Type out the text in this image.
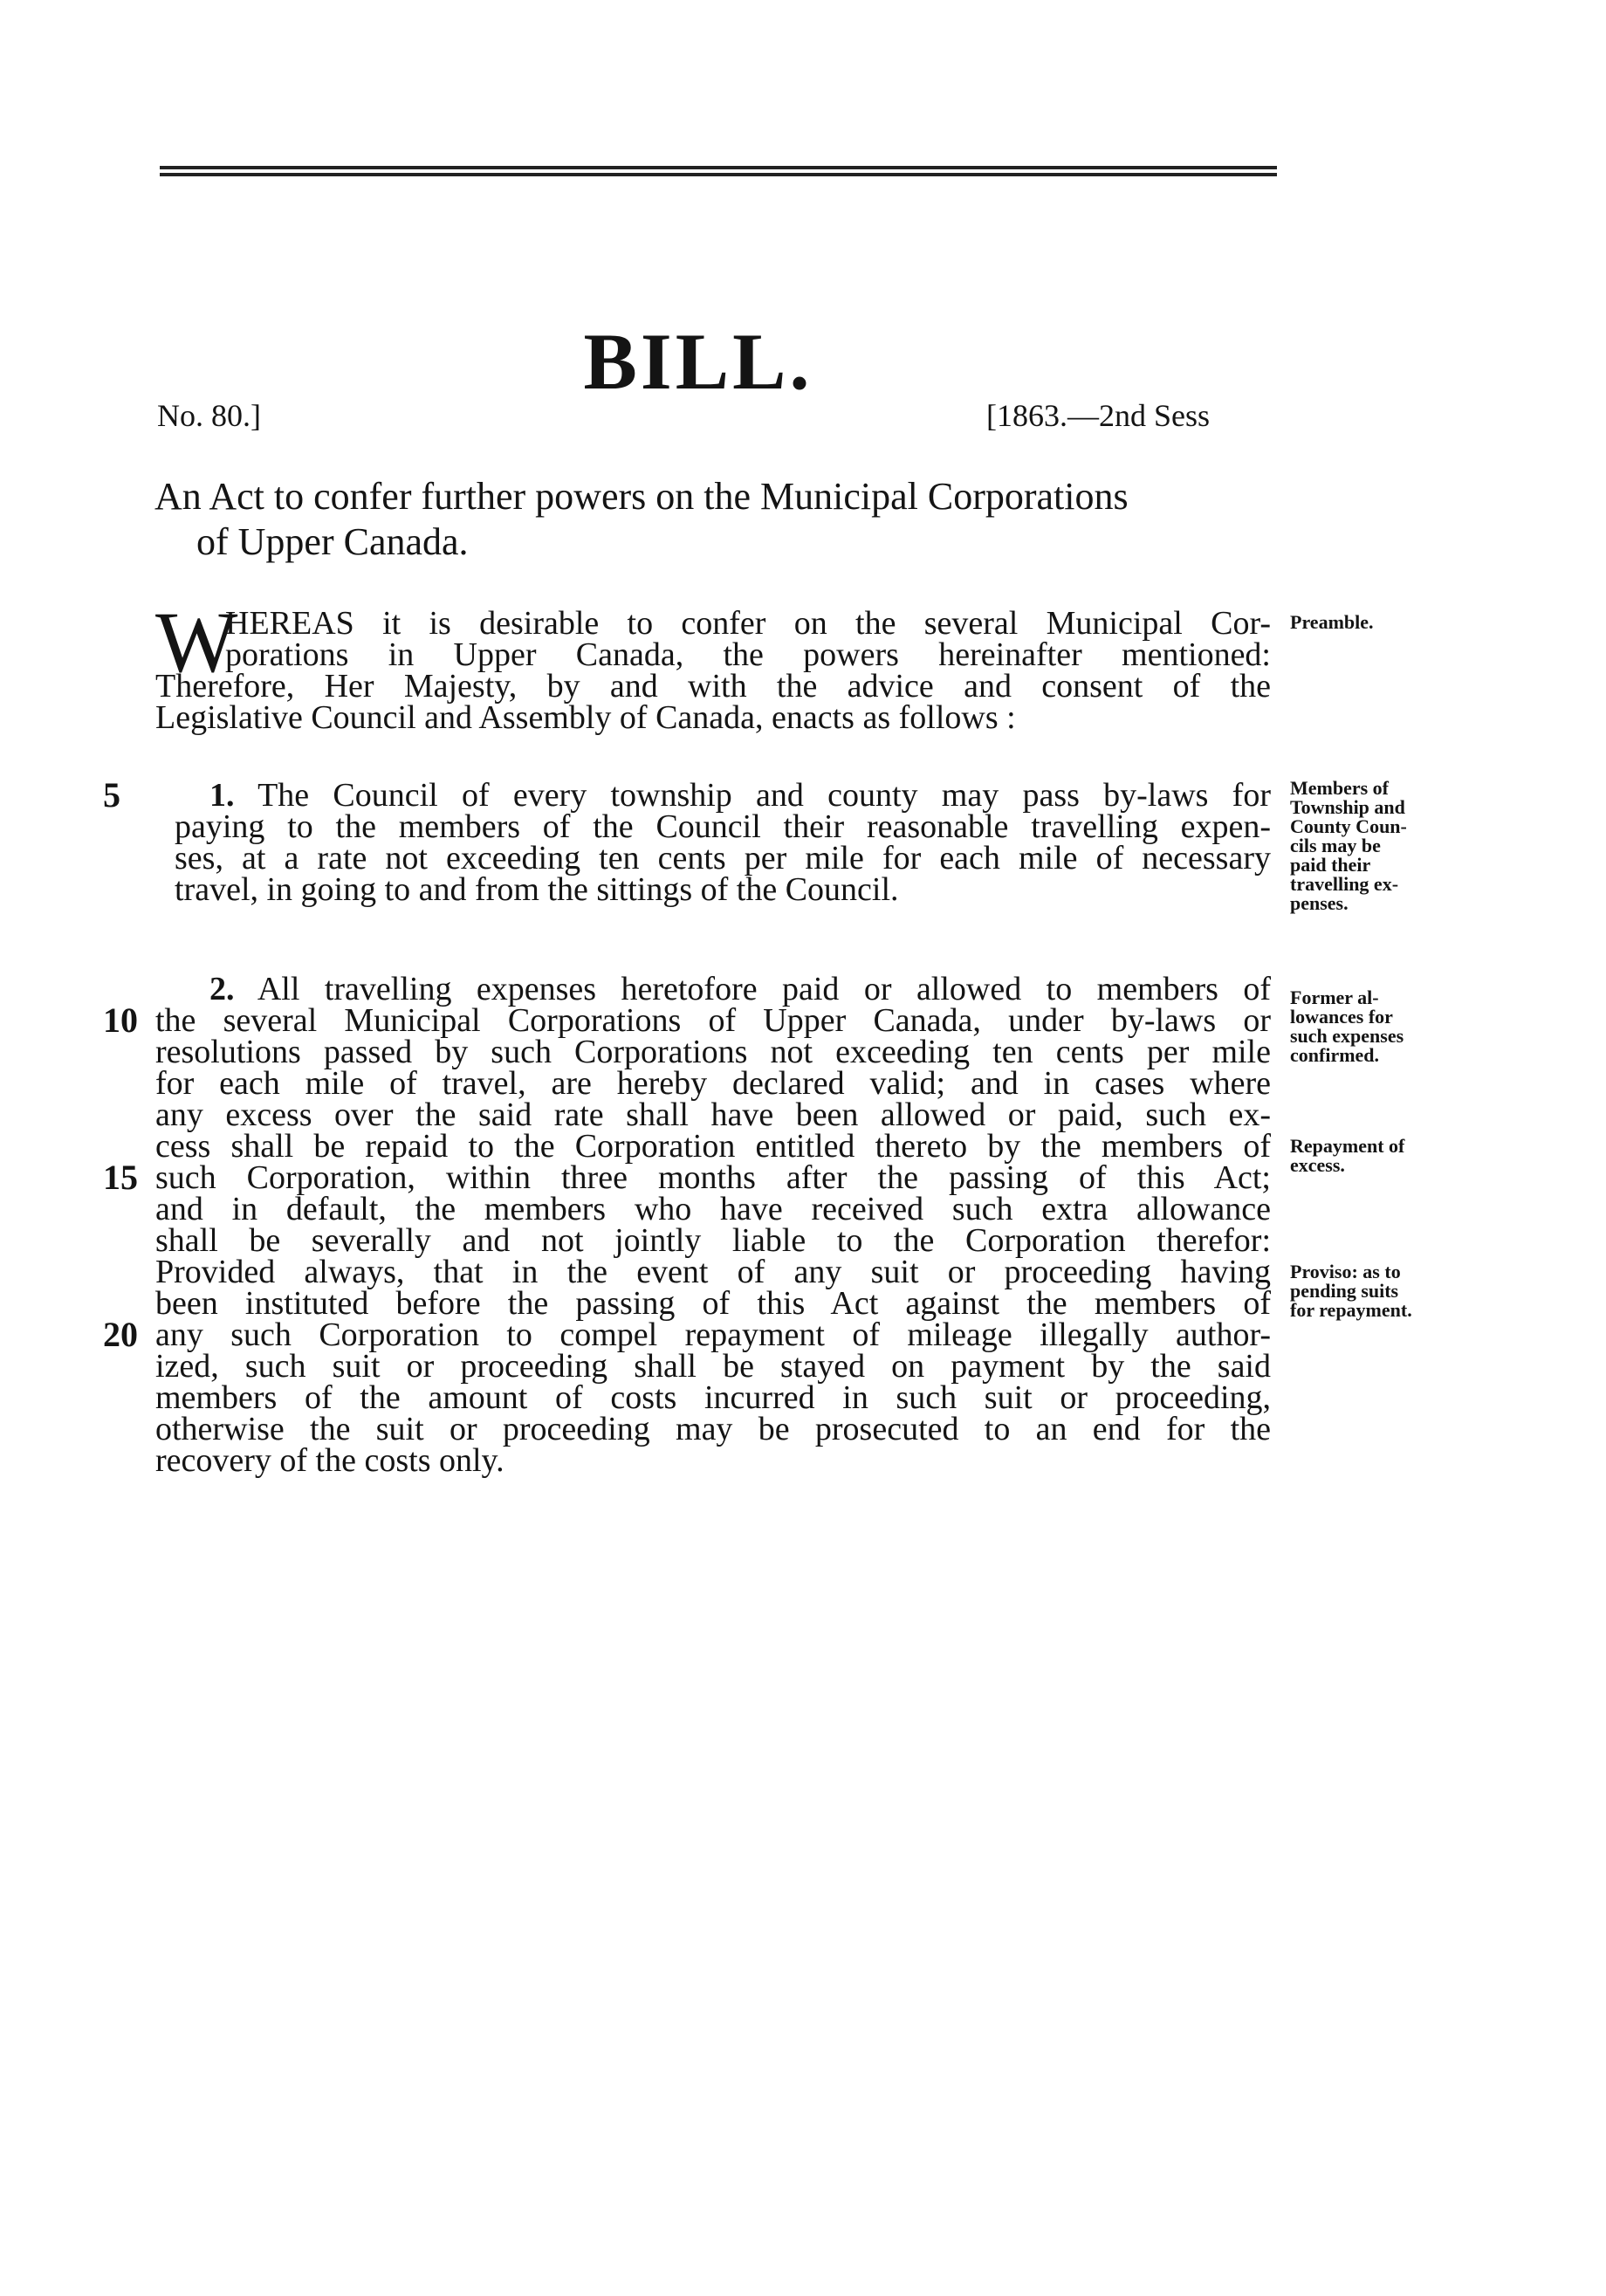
BILL.
No. 80.]	[1863.—2nd Sess
An Act to confer further powers on the Municipal Corporations
of Upper Canada.
W
HEREAS it is desirable to confer on the several Municipal Cor-
porations in Upper Canada, the powers hereinafter mentioned:
Therefore, Her Majesty, by and with the advice and consent of the
Legislative Council and Assembly of Canada, enacts as follows :
5	1. The Council of every township and county may pass by-laws for
paying to the members of the Council their reasonable travelling expen-
ses, at a rate not exceeding ten cents per mile for each mile of necessary
travel, in going to and from the sittings of the Council.
2. All travelling expenses heretofore paid or allowed to members of
10 the several Municipal Corporations of Upper Canada, under by-laws or
resolutions passed by such Corporations not exceeding ten cents per mile
for each mile of travel, are hereby declared valid; and in cases where
any excess over the said rate shall have been allowed or paid, such ex-
cess shall be repaid to the Corporation entitled thereto by the members of
15 such Corporation, within three months after the passing of this Act;
and in default, the members who have received such extra allowance
shall be severally and not jointly liable to the Corporation therefor:
Provided always, that in the event of any suit or proceeding having
been instituted before the passing of this Act against the members of
20 any such Corporation to compel repayment of mileage illegally author-
ized, such suit or proceeding shall be stayed on payment by the said
members of the amount of costs incurred in such suit or proceeding,
otherwise the suit or proceeding may be prosecuted to an end for the
recovery of the costs only.
Preamble.
Members of
Township and
County Coun-
cils may be
paid their
travelling ex-
penses.
Former al-
lowances for
such expenses
confirmed.
Repayment of
excess.
Proviso: as to
pending suits
for repayment.
